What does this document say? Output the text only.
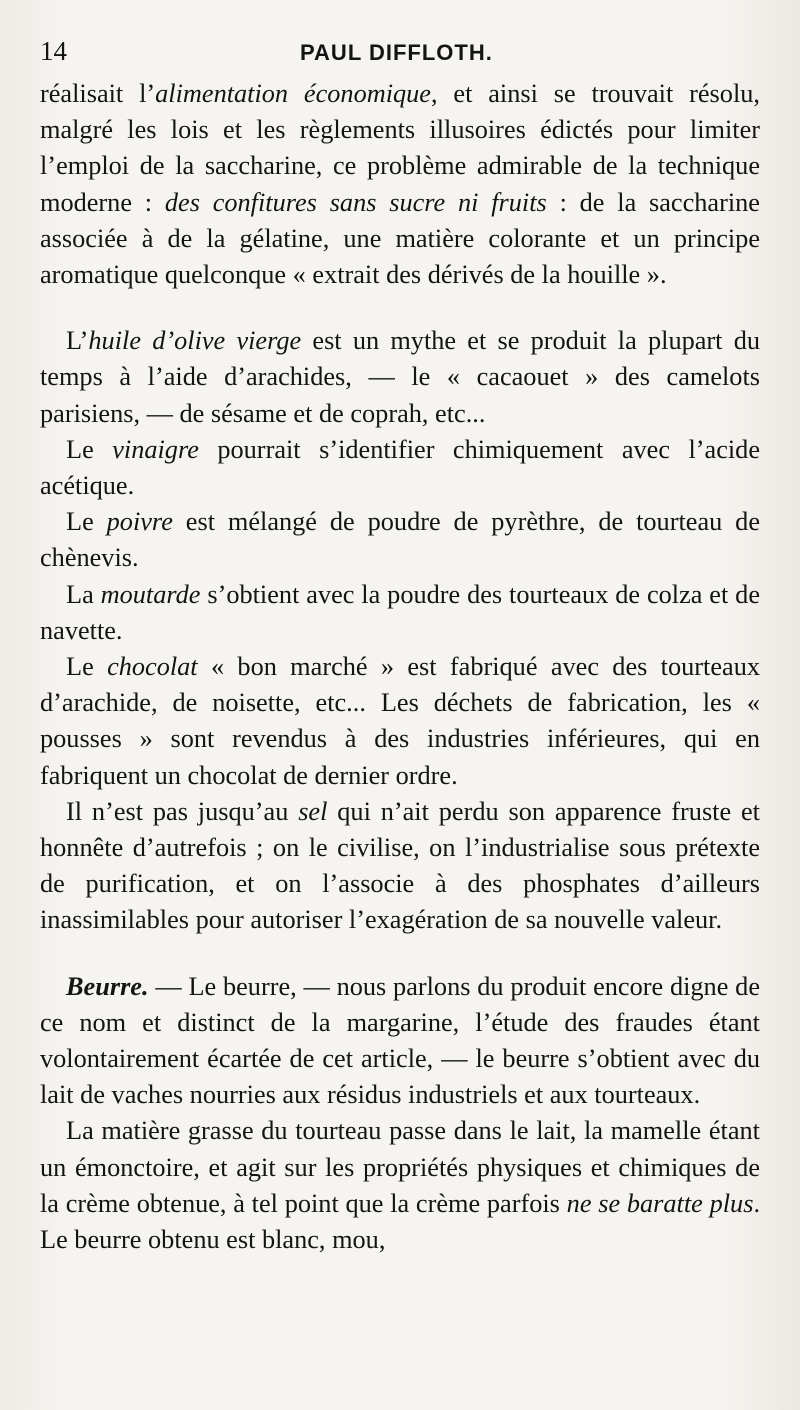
14	PAUL DIFFLOTH.

réalisait l’alimentation économique, et ainsi se trouvait résolu, malgré les lois et les règlements illusoires édictés pour limiter l’emploi de la saccharine, ce problème admirable de la technique moderne : des confitures sans sucre ni fruits : de la saccharine associée à de la gélatine, une matière colorante et un principe aromatique quelconque « extrait des dérivés de la houille ».

L’huile d’olive vierge est un mythe et se produit la plupart du temps à l’aide d’arachides, — le « cacaouet » des camelots parisiens, — de sésame et de coprah, etc...

Le vinaigre pourrait s’identifier chimiquement avec l’acide acétique.

Le poivre est mélangé de poudre de pyrèthre, de tourteau de chènevis.

La moutarde s’obtient avec la poudre des tourteaux de colza et de navette.

Le chocolat « bon marché » est fabriqué avec des tourteaux d’arachide, de noisette, etc... Les déchets de fabrication, les « pousses » sont revendus à des industries inférieures, qui en fabriquent un chocolat de dernier ordre.

Il n’est pas jusqu’au sel qui n’ait perdu son apparence fruste et honnête d’autrefois ; on le civilise, on l’industrialise sous prétexte de purification, et on l’associe à des phosphates d’ailleurs inassimilables pour autoriser l’exagération de sa nouvelle valeur.

Beurre. — Le beurre, — nous parlons du produit encore digne de ce nom et distinct de la margarine, l’étude des fraudes étant volontairement écartée de cet article, — le beurre s’obtient avec du lait de vaches nourries aux résidus industriels et aux tourteaux.

La matière grasse du tourteau passe dans le lait, la mamelle étant un émonctoire, et agit sur les propriétés physiques et chimiques de la crème obtenue, à tel point que la crème parfois ne se baratte plus. Le beurre obtenu est blanc, mou,
